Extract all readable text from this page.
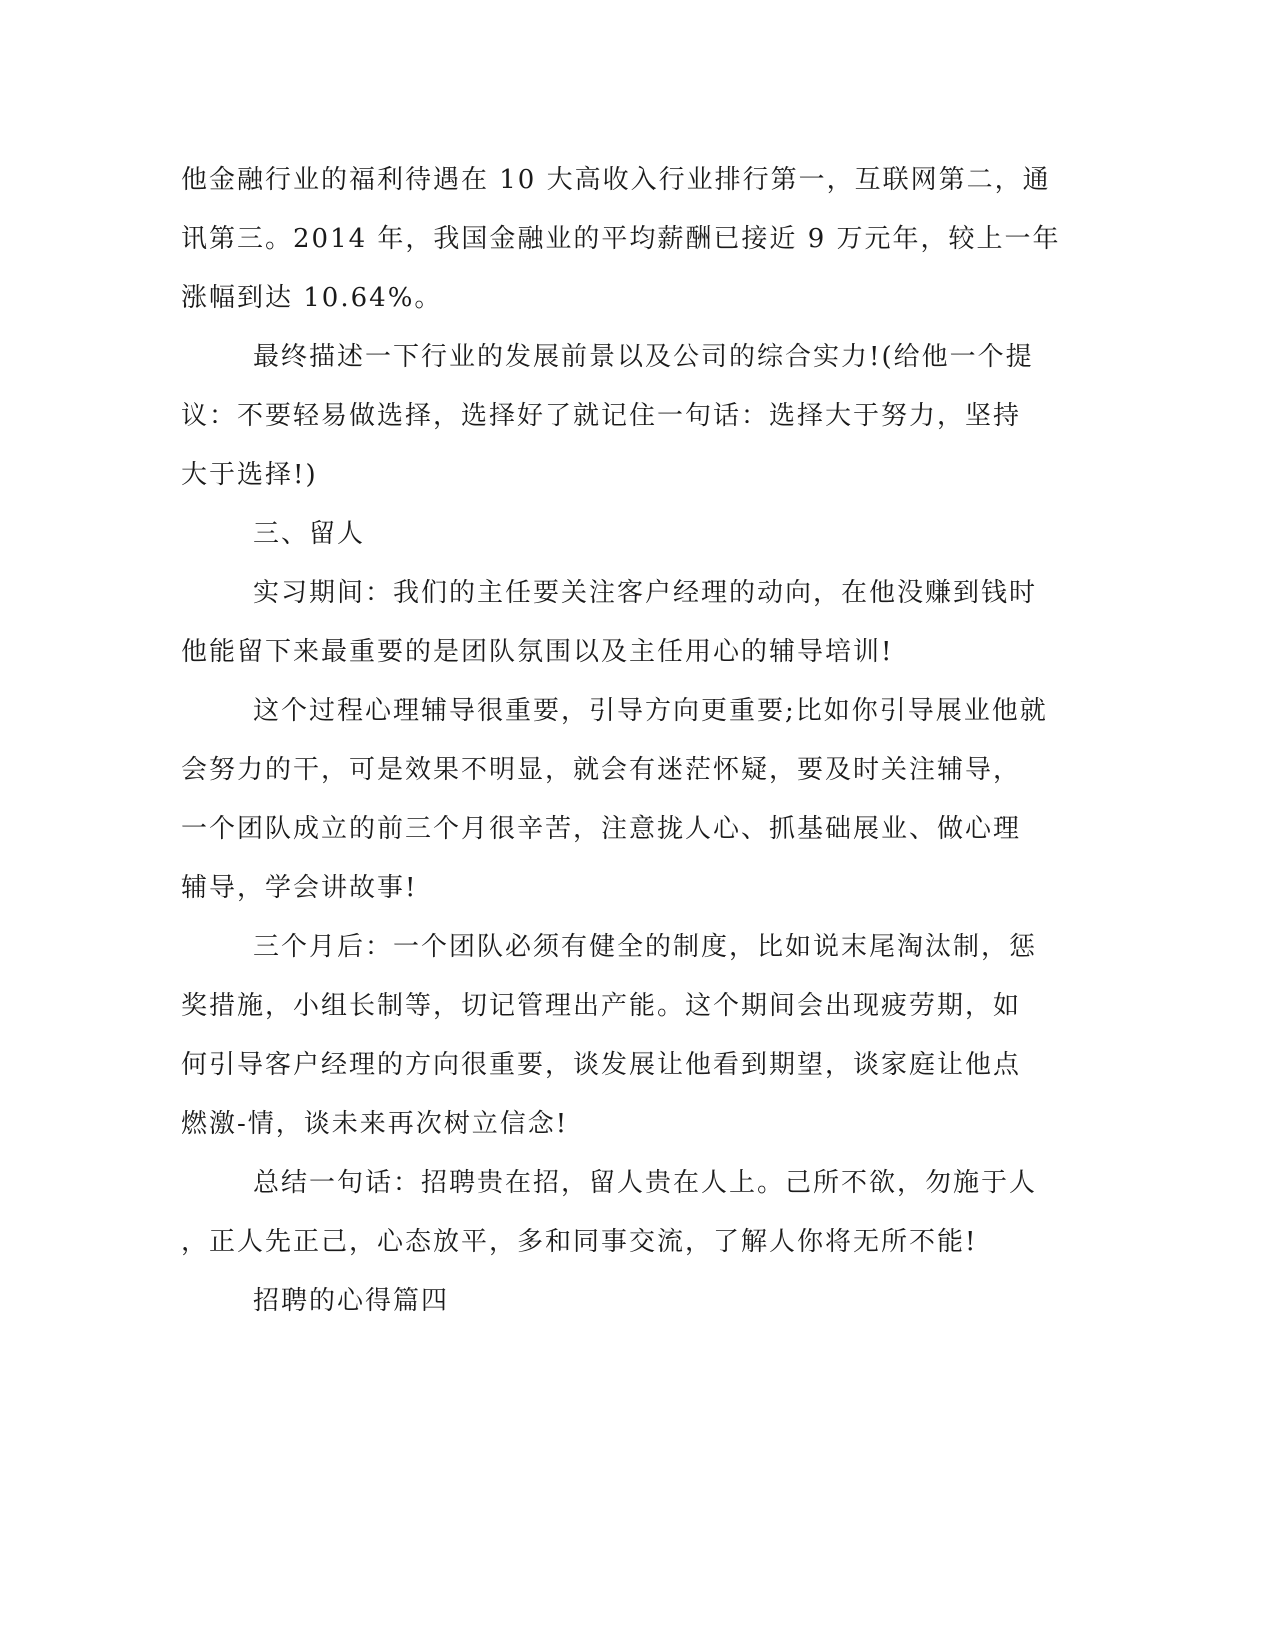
他金融行业的福利待遇在 10 大高收入行业排行第一，互联网第二，通
讯第三。2014 年，我国金融业的平均薪酬已接近 9 万元年，较上一年
涨幅到达 10.64%。
最终描述一下行业的发展前景以及公司的综合实力!(给他一个提
议：不要轻易做选择，选择好了就记住一句话：选择大于努力，坚持
大于选择!)
三、留人
实习期间：我们的主任要关注客户经理的动向，在他没赚到钱时
他能留下来最重要的是团队氛围以及主任用心的辅导培训!
这个过程心理辅导很重要，引导方向更重要;比如你引导展业他就
会努力的干，可是效果不明显，就会有迷茫怀疑，要及时关注辅导，
一个团队成立的前三个月很辛苦，注意拢人心、抓基础展业、做心理
辅导，学会讲故事!
三个月后：一个团队必须有健全的制度，比如说末尾淘汰制，惩
奖措施，小组长制等，切记管理出产能。这个期间会出现疲劳期，如
何引导客户经理的方向很重要，谈发展让他看到期望，谈家庭让他点
燃激-情，谈未来再次树立信念!
总结一句话：招聘贵在招，留人贵在人上。己所不欲，勿施于人
，正人先正己，心态放平，多和同事交流，了解人你将无所不能!
招聘的心得篇四
